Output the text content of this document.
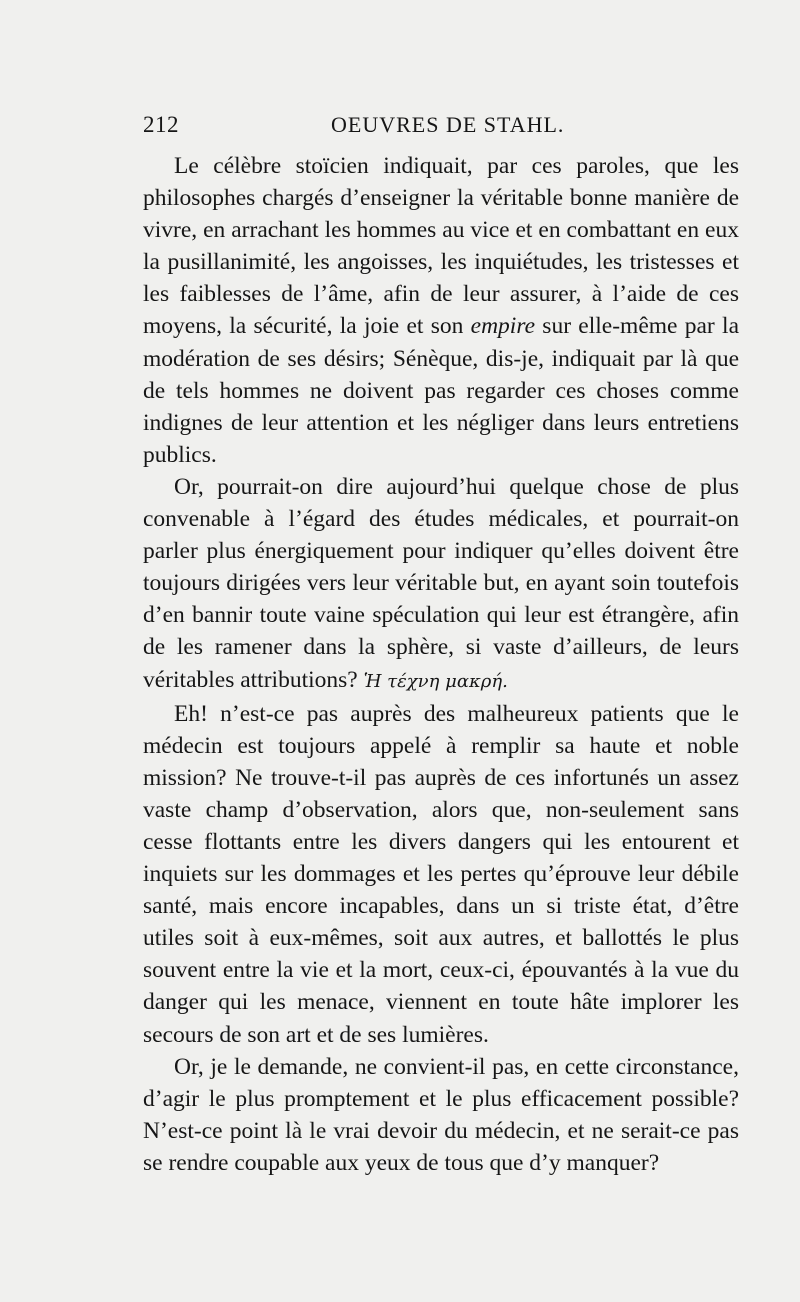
212	OEUVRES DE STAHL.

Le célèbre stoïcien indiquait, par ces paroles, que les philosophes chargés d’enseigner la véritable bonne manière de vivre, en arrachant les hommes au vice et en combattant en eux la pusillanimité, les angoisses, les inquiétudes, les tristesses et les faiblesses de l’âme, afin de leur assurer, à l’aide de ces moyens, la sécurité, la joie et son empire sur elle-même par la modération de ses désirs; Sénèque, dis-je, indiquait par là que de tels hommes ne doivent pas regarder ces choses comme indignes de leur attention et les négliger dans leurs entretiens publics.

Or, pourrait-on dire aujourd’hui quelque chose de plus convenable à l’égard des études médicales, et pourrait-on parler plus énergiquement pour indiquer qu’elles doivent être toujours dirigées vers leur véritable but, en ayant soin toutefois d’en bannir toute vaine spéculation qui leur est étrangère, afin de les ramener dans la sphère, si vaste d’ailleurs, de leurs véritables attributions? Ἡ τέχνη μακρή.

Eh! n’est-ce pas auprès des malheureux patients que le médecin est toujours appelé à remplir sa haute et noble mission? Ne trouve-t-il pas auprès de ces infortunés un assez vaste champ d’observation, alors que, non-seulement sans cesse flottants entre les divers dangers qui les entourent et inquiets sur les dommages et les pertes qu’éprouve leur débile santé, mais encore incapables, dans un si triste état, d’être utiles soit à eux-mêmes, soit aux autres, et ballottés le plus souvent entre la vie et la mort, ceux-ci, épouvantés à la vue du danger qui les menace, viennent en toute hâte implorer les secours de son art et de ses lumières.

Or, je le demande, ne convient-il pas, en cette circonstance, d’agir le plus promptement et le plus efficacement possible? N’est-ce point là le vrai devoir du médecin, et ne serait-ce pas se rendre coupable aux yeux de tous que d’y manquer?
